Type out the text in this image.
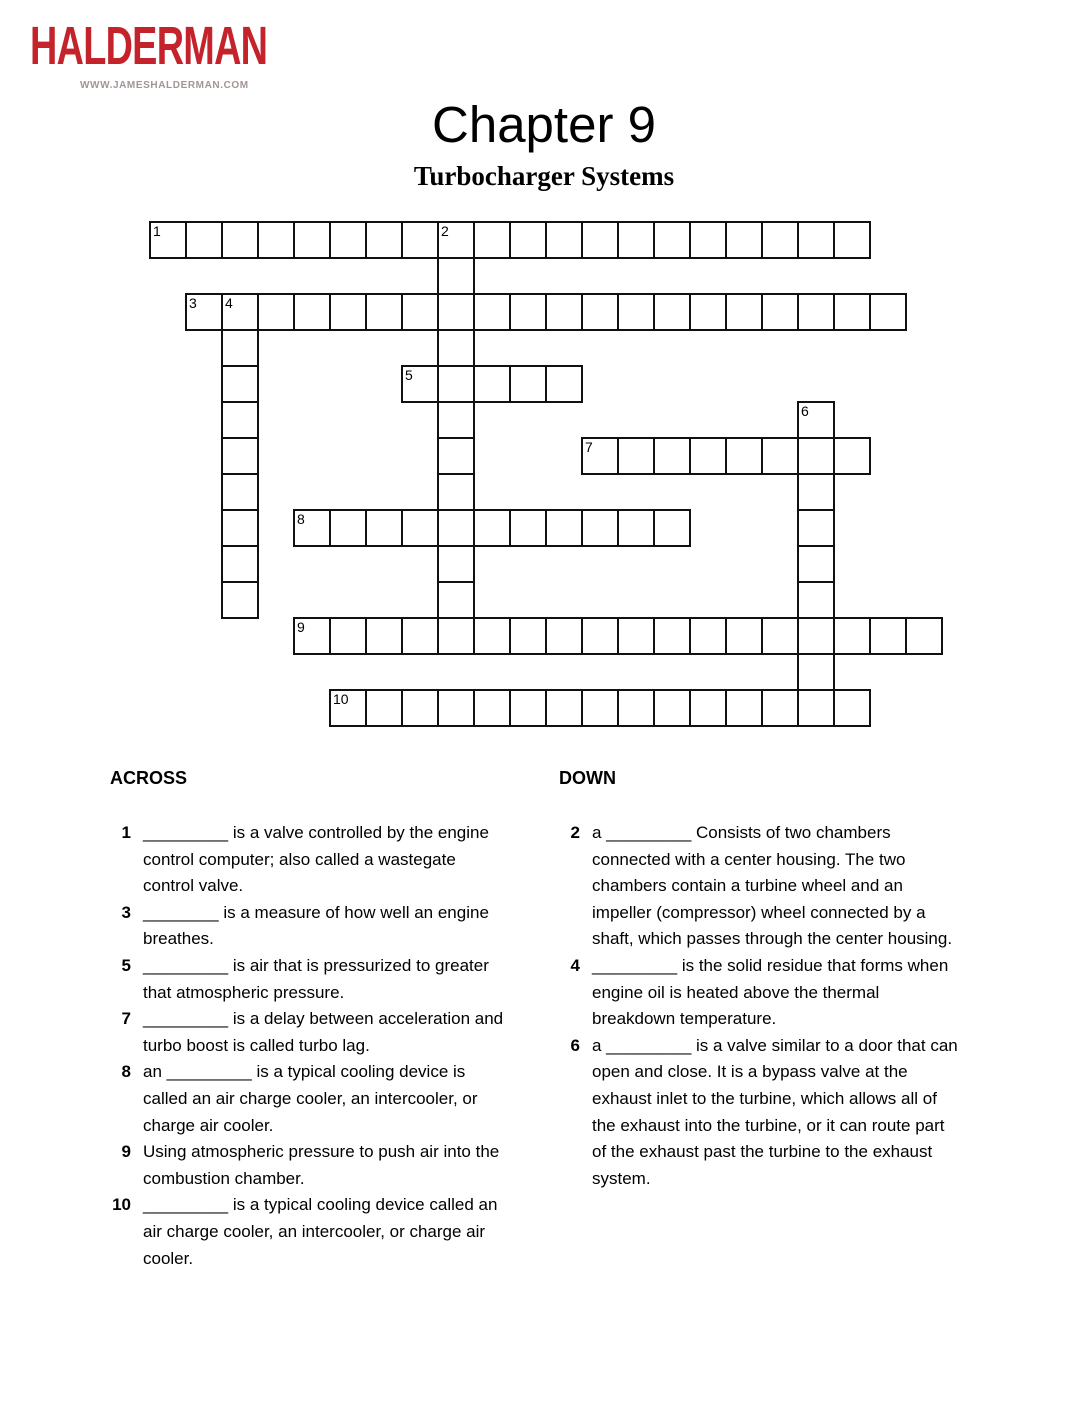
HALDERMAN
WWW.JAMESHALDERMAN.COM
Chapter 9
Turbocharger Systems
1	2
3 4
5
6
7
8
9
10
ACROSS
1 _________ is a valve controlled by the engine control computer; also called a wastegate control valve.
3 ________ is a measure of how well an engine breathes.
5 _________ is air that is pressurized to greater that atmospheric pressure.
7 _________ is a delay between acceleration and turbo boost is called turbo lag.
8 an _________ is a typical cooling device is called an air charge cooler, an intercooler, or charge air cooler.
9 Using atmospheric pressure to push air into the combustion chamber.
10 _________ is a typical cooling device called an air charge cooler, an intercooler, or charge air cooler.
DOWN
2 a _________ Consists of two chambers connected with a center housing. The two chambers contain a turbine wheel and an impeller (compressor) wheel connected by a shaft, which passes through the center housing.
4 _________ is the solid residue that forms when engine oil is heated above the thermal breakdown temperature.
6 a _________ is a valve similar to a door that can open and close. It is a bypass valve at the exhaust inlet to the turbine, which allows all of the exhaust into the turbine, or it can route part of the exhaust past the turbine to the exhaust system.
